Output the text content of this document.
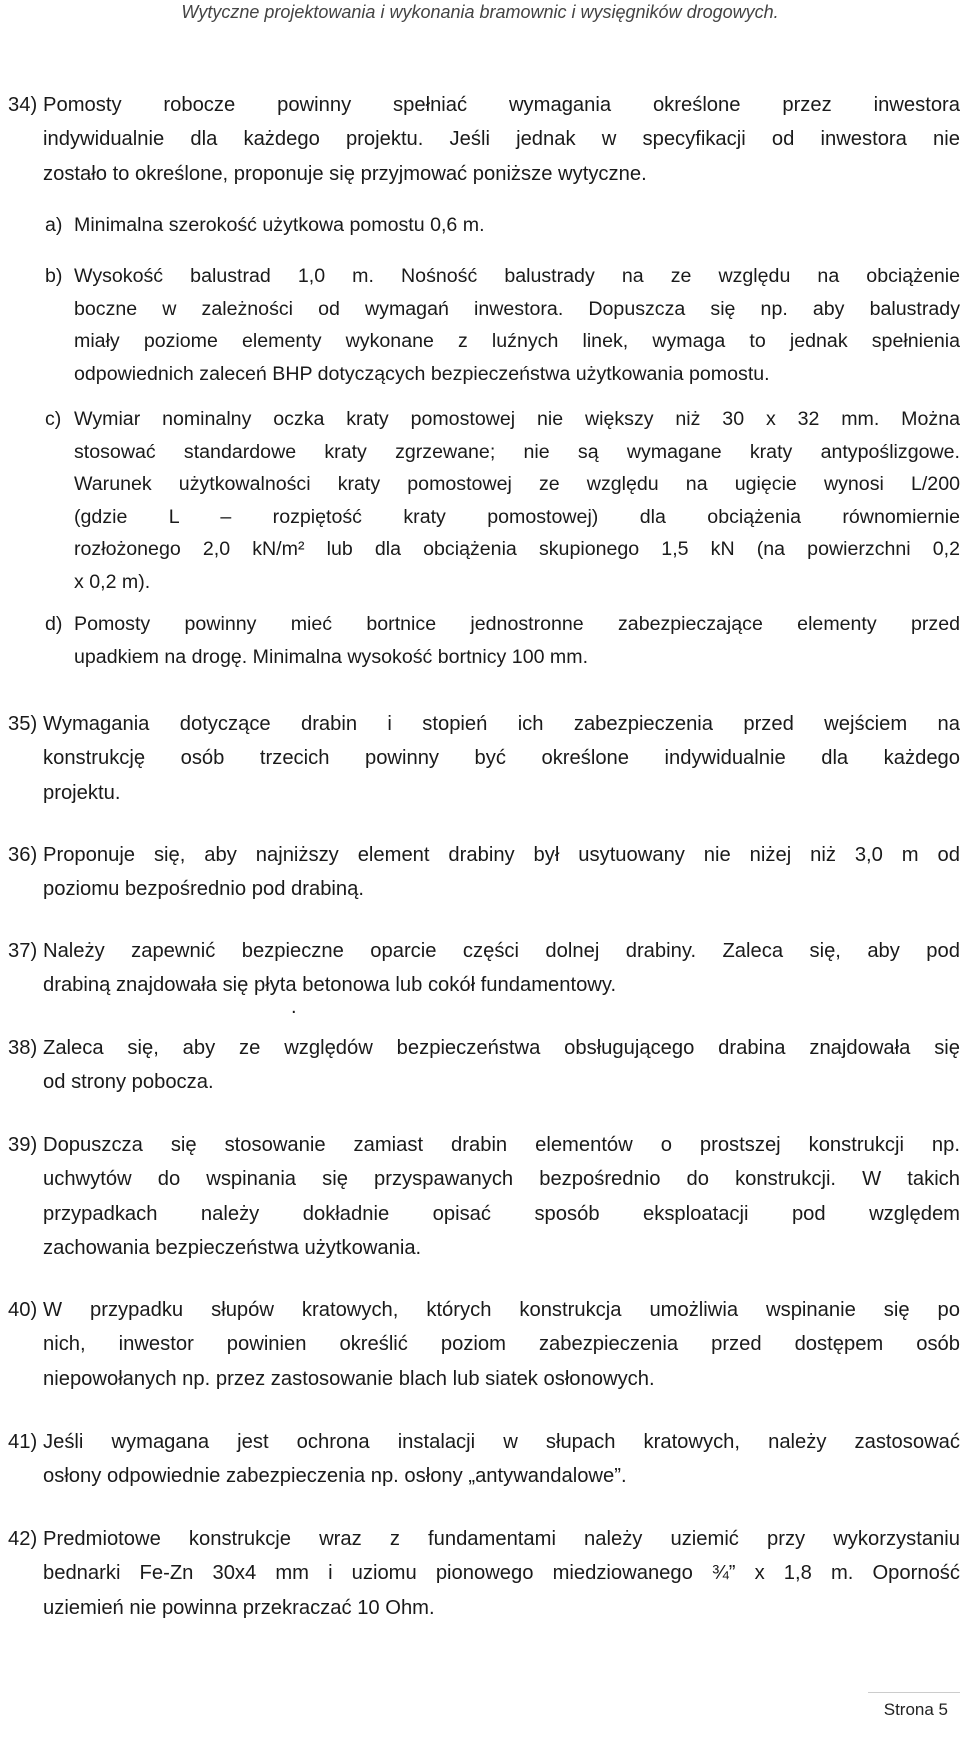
Wytyczne projektowania i wykonania bramownic i wysięgników drogowych.
34) Pomosty robocze powinny spełniać wymagania określone przez inwestora
indywidualnie dla każdego projektu. Jeśli jednak w specyfikacji od inwestora nie
zostało to określone, proponuje się przyjmować poniższe wytyczne.
a) Minimalna szerokość użytkowa pomostu 0,6 m.
b) Wysokość balustrad 1,0 m. Nośność balustrady na ze względu na obciążenie
boczne w zależności od wymagań inwestora. Dopuszcza się np. aby balustrady
miały poziome elementy wykonane z luźnych linek, wymaga to jednak spełnienia
odpowiednich zaleceń BHP dotyczących bezpieczeństwa użytkowania pomostu.
c) Wymiar nominalny oczka kraty pomostowej nie większy niż 30 x 32 mm. Można
stosować standardowe kraty zgrzewane; nie są wymagane kraty antypoślizgowe.
Warunek użytkowalności kraty pomostowej ze względu na ugięcie wynosi L/200
(gdzie L – rozpiętość kraty pomostowej) dla obciążenia równomiernie
rozłożonego 2,0 kN/m² lub dla obciążenia skupionego 1,5 kN (na powierzchni 0,2
x 0,2 m).
d) Pomosty powinny mieć bortnice jednostronne zabezpieczające elementy przed
upadkiem na drogę. Minimalna wysokość bortnicy 100 mm.
35) Wymagania dotyczące drabin i stopień ich zabezpieczenia przed wejściem na
konstrukcję osób trzecich powinny być określone indywidualnie dla każdego
projektu.
36) Proponuje się, aby najniższy element drabiny był usytuowany nie niżej niż 3,0 m od
poziomu bezpośrednio pod drabiną.
37) Należy zapewnić bezpieczne oparcie części dolnej drabiny. Zaleca się, aby pod
drabiną znajdowała się płyta betonowa lub cokół fundamentowy.
.
38) Zaleca się, aby ze względów bezpieczeństwa obsługującego drabina znajdowała się
od strony pobocza.
39) Dopuszcza się stosowanie zamiast drabin elementów o prostszej konstrukcji np.
uchwytów do wspinania się przyspawanych bezpośrednio do konstrukcji. W takich
przypadkach należy dokładnie opisać sposób eksploatacji pod względem
zachowania bezpieczeństwa użytkowania.
40) W przypadku słupów kratowych, których konstrukcja umożliwia wspinanie się po
nich, inwestor powinien określić poziom zabezpieczenia przed dostępem osób
niepowołanych np. przez zastosowanie blach lub siatek osłonowych.
41) Jeśli wymagana jest ochrona instalacji w słupach kratowych, należy zastosować
osłony odpowiednie zabezpieczenia np. osłony „antywandalowe”.
42) Predmiotowe konstrukcje wraz z fundamentami należy uziemić przy wykorzystaniu
bednarki Fe-Zn 30x4 mm i uziomu pionowego miedziowanego ¾” x 1,8 m. Oporność
uziemień nie powinna przekraczać 10 Ohm.
Strona 5
